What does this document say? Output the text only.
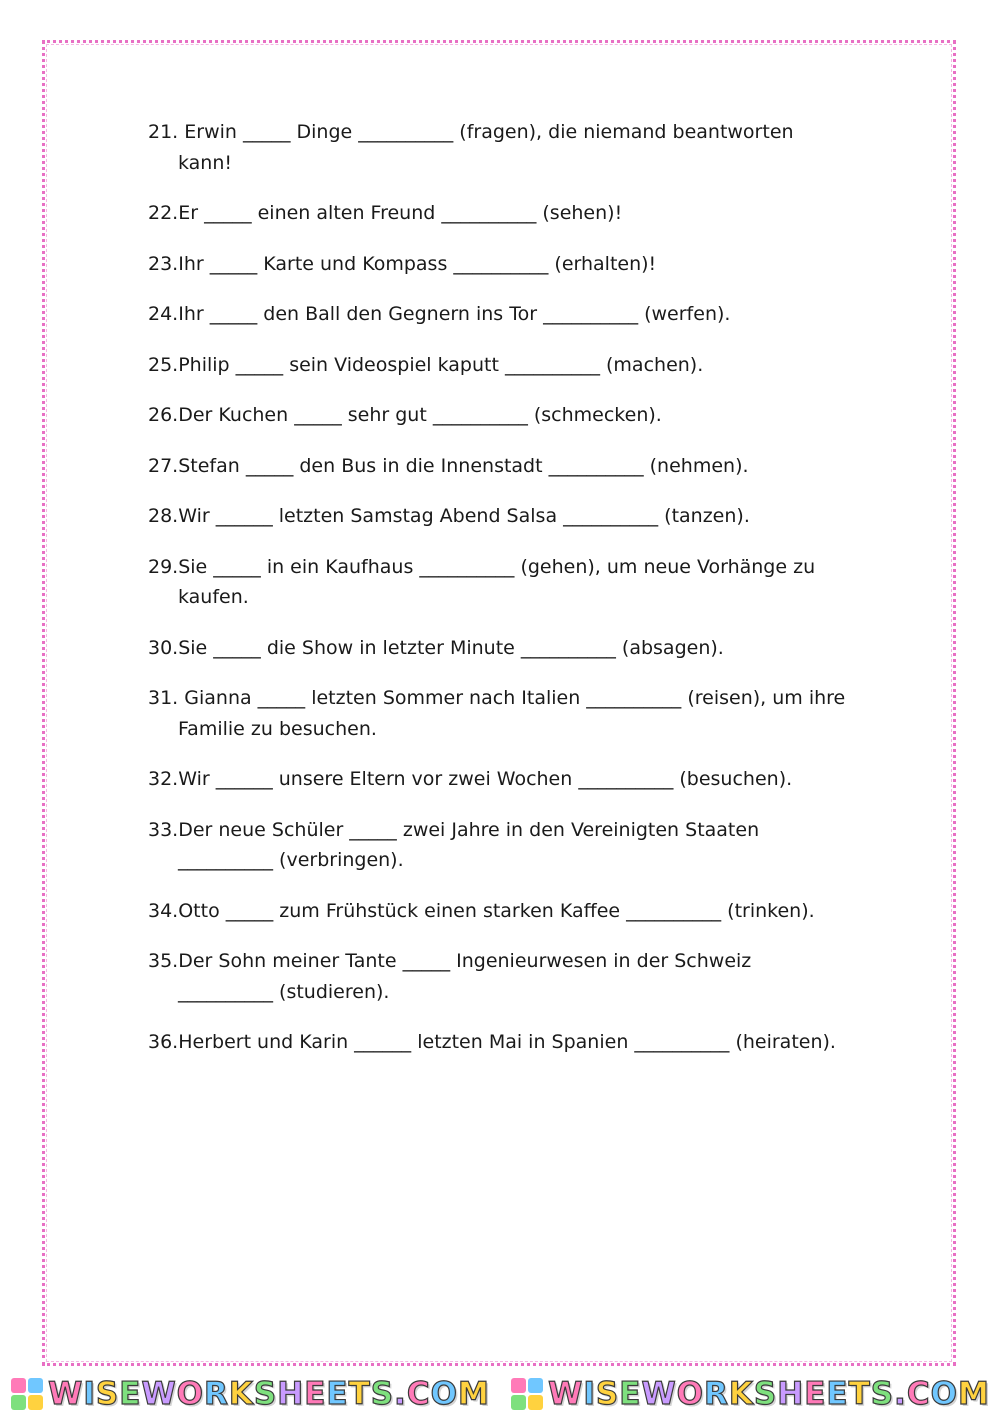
21. Erwin _____ Dinge __________ (fragen), die niemand beantworten kann!
22.Er _____ einen alten Freund __________ (sehen)!
23.Ihr _____ Karte und Kompass __________ (erhalten)!
24.Ihr _____ den Ball den Gegnern ins Tor __________ (werfen).
25.Philip _____ sein Videospiel kaputt __________ (machen).
26.Der Kuchen _____ sehr gut __________ (schmecken).
27.Stefan _____ den Bus in die Innenstadt __________ (nehmen).
28.Wir ______ letzten Samstag Abend Salsa __________ (tanzen).
29.Sie _____ in ein Kaufhaus __________ (gehen), um neue Vorhänge zu kaufen.
30.Sie _____ die Show in letzter Minute __________ (absagen).
31. Gianna _____ letzten Sommer nach Italien __________ (reisen), um ihre Familie zu besuchen.
32.Wir ______ unsere Eltern vor zwei Wochen __________ (besuchen).
33.Der neue Schüler _____ zwei Jahre in den Vereinigten Staaten __________ (verbringen).
34.Otto _____ zum Frühstück einen starken Kaffee __________ (trinken).
35.Der Sohn meiner Tante _____ Ingenieurwesen in der Schweiz __________ (studieren).
36.Herbert und Karin ______ letzten Mai in Spanien __________ (heiraten).
WISEWORKSHEETS.COM WISEWORKSHEETS.COM
